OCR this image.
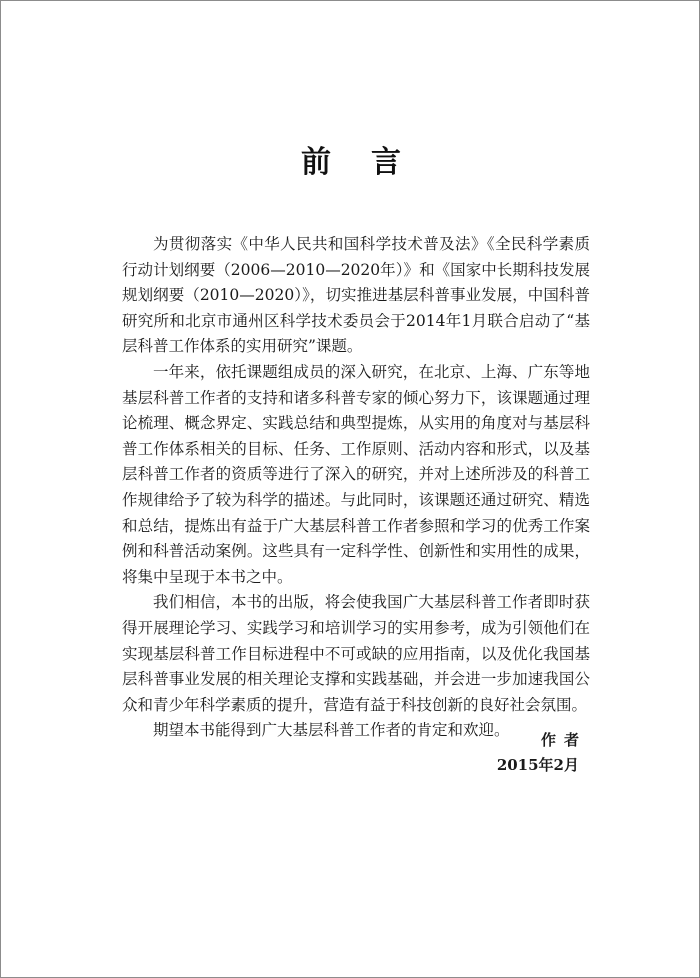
前言

为贯彻落实《中华人民共和国科学技术普及法》《全民科学素质行动计划纲要（2006—2010—2020年）》和《国家中长期科技发展规划纲要（2010—2020）》，切实推进基层科普事业发展，中国科普研究所和北京市通州区科学技术委员会于2014年1月联合启动了“基层科普工作体系的实用研究”课题。

一年来，依托课题组成员的深入研究，在北京、上海、广东等地基层科普工作者的支持和诸多科普专家的倾心努力下，该课题通过理论梳理、概念界定、实践总结和典型提炼，从实用的角度对与基层科普工作体系相关的目标、任务、工作原则、活动内容和形式，以及基层科普工作者的资质等进行了深入的研究，并对上述所涉及的科普工作规律给予了较为科学的描述。与此同时，该课题还通过研究、精选和总结，提炼出有益于广大基层科普工作者参照和学习的优秀工作案例和科普活动案例。这些具有一定科学性、创新性和实用性的成果，将集中呈现于本书之中。

我们相信，本书的出版，将会使我国广大基层科普工作者即时获得开展理论学习、实践学习和培训学习的实用参考，成为引领他们在实现基层科普工作目标进程中不可或缺的应用指南，以及优化我国基层科普事业发展的相关理论支撑和实践基础，并会进一步加速我国公众和青少年科学素质的提升，营造有益于科技创新的良好社会氛围。

期望本书能得到广大基层科普工作者的肯定和欢迎。

作者
2015年2月
